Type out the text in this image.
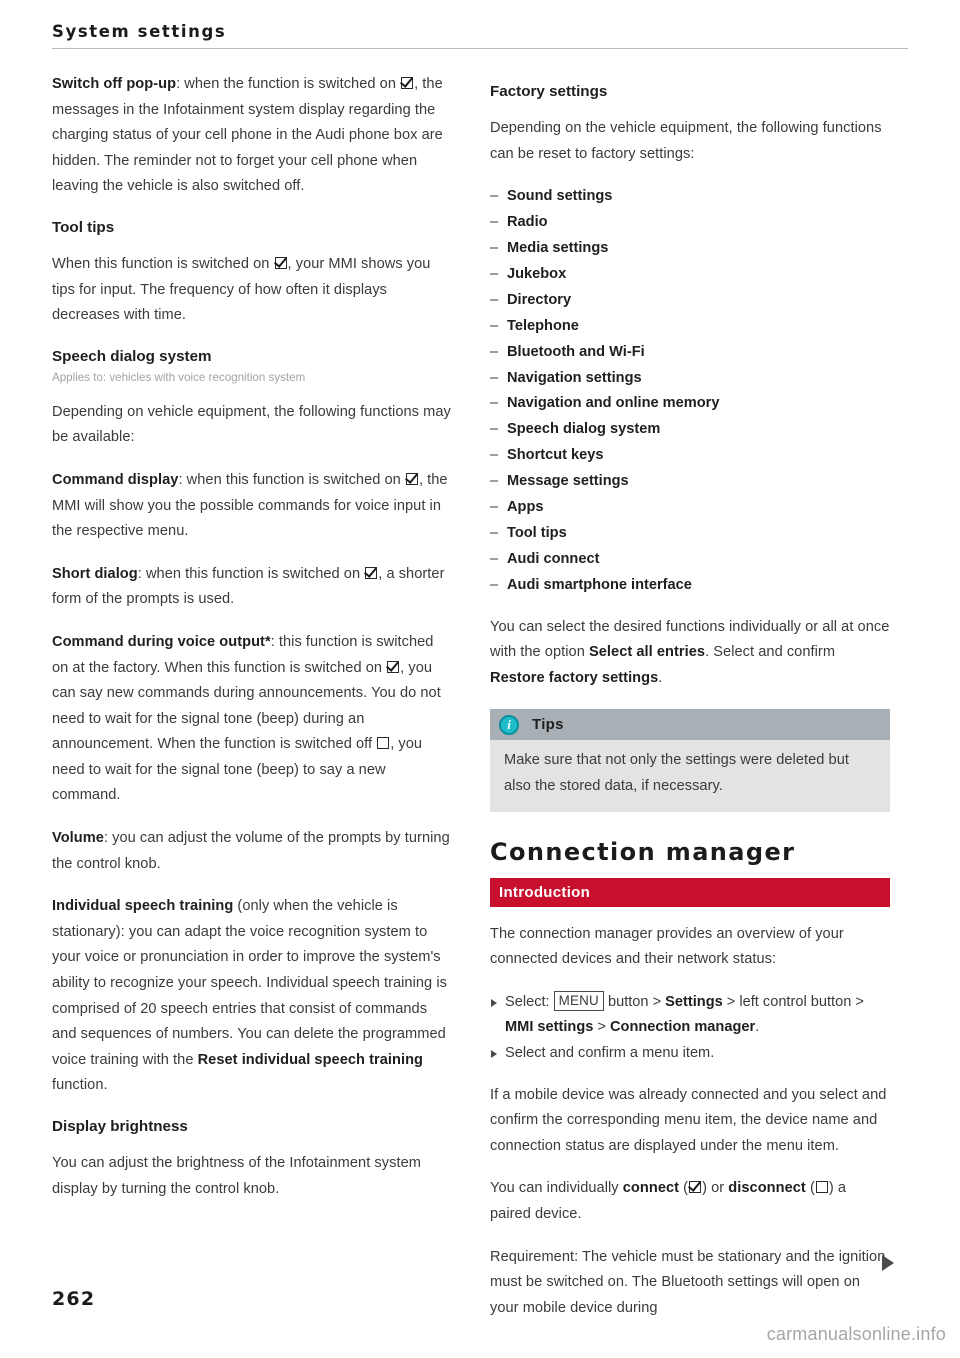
System settings

Switch off pop-up: when the function is switched on , the messages in the Infotainment system display regarding the charging status of your cell phone in the Audi phone box are hidden. The reminder not to forget your cell phone when leaving the vehicle is also switched off.

Tool tips

When this function is switched on , your MMI shows you tips for input. The frequency of how often it displays decreases with time.

Speech dialog system
Applies to: vehicles with voice recognition system

Depending on vehicle equipment, the following functions may be available:

Command display: when this function is switched on , the MMI will show you the possible commands for voice input in the respective menu.

Short dialog: when this function is switched on , a shorter form of the prompts is used.

Command during voice output*: this function is switched on at the factory. When this function is switched on , you can say new commands during announcements. You do not need to wait for the signal tone (beep) during an announcement. When the function is switched off , you need to wait for the signal tone (beep) to say a new command.

Volume: you can adjust the volume of the prompts by turning the control knob.

Individual speech training (only when the vehicle is stationary): you can adapt the voice recognition system to your voice or pronunciation in order to improve the system's ability to recognize your speech. Individual speech training is comprised of 20 speech entries that consist of commands and sequences of numbers. You can delete the programmed voice training with the Reset individual speech training function.

Display brightness

You can adjust the brightness of the Infotainment system display by turning the control knob.

Factory settings

Depending on the vehicle equipment, the following functions can be reset to factory settings:

– Sound settings
– Radio
– Media settings
– Jukebox
– Directory
– Telephone
– Bluetooth and Wi-Fi
– Navigation settings
– Navigation and online memory
– Speech dialog system
– Shortcut keys
– Message settings
– Apps
– Tool tips
– Audi connect
– Audi smartphone interface

You can select the desired functions individually or all at once with the option Select all entries. Select and confirm Restore factory settings.

i	Tips

Make sure that not only the settings were deleted but also the stored data, if necessary.

Connection manager
Introduction

The connection manager provides an overview of your connected devices and their network status:

Select: MENU button > Settings > left control button > MMI settings > Connection manager.
Select and confirm a menu item.

If a mobile device was already connected and you select and confirm the corresponding menu item, the device name and connection status are displayed under the menu item.

You can individually connect ( ) or disconnect ( ) a paired device.

Requirement: The vehicle must be stationary and the ignition must be switched on. The Bluetooth settings will open on your mobile device during

262
carmanualsonline.info
